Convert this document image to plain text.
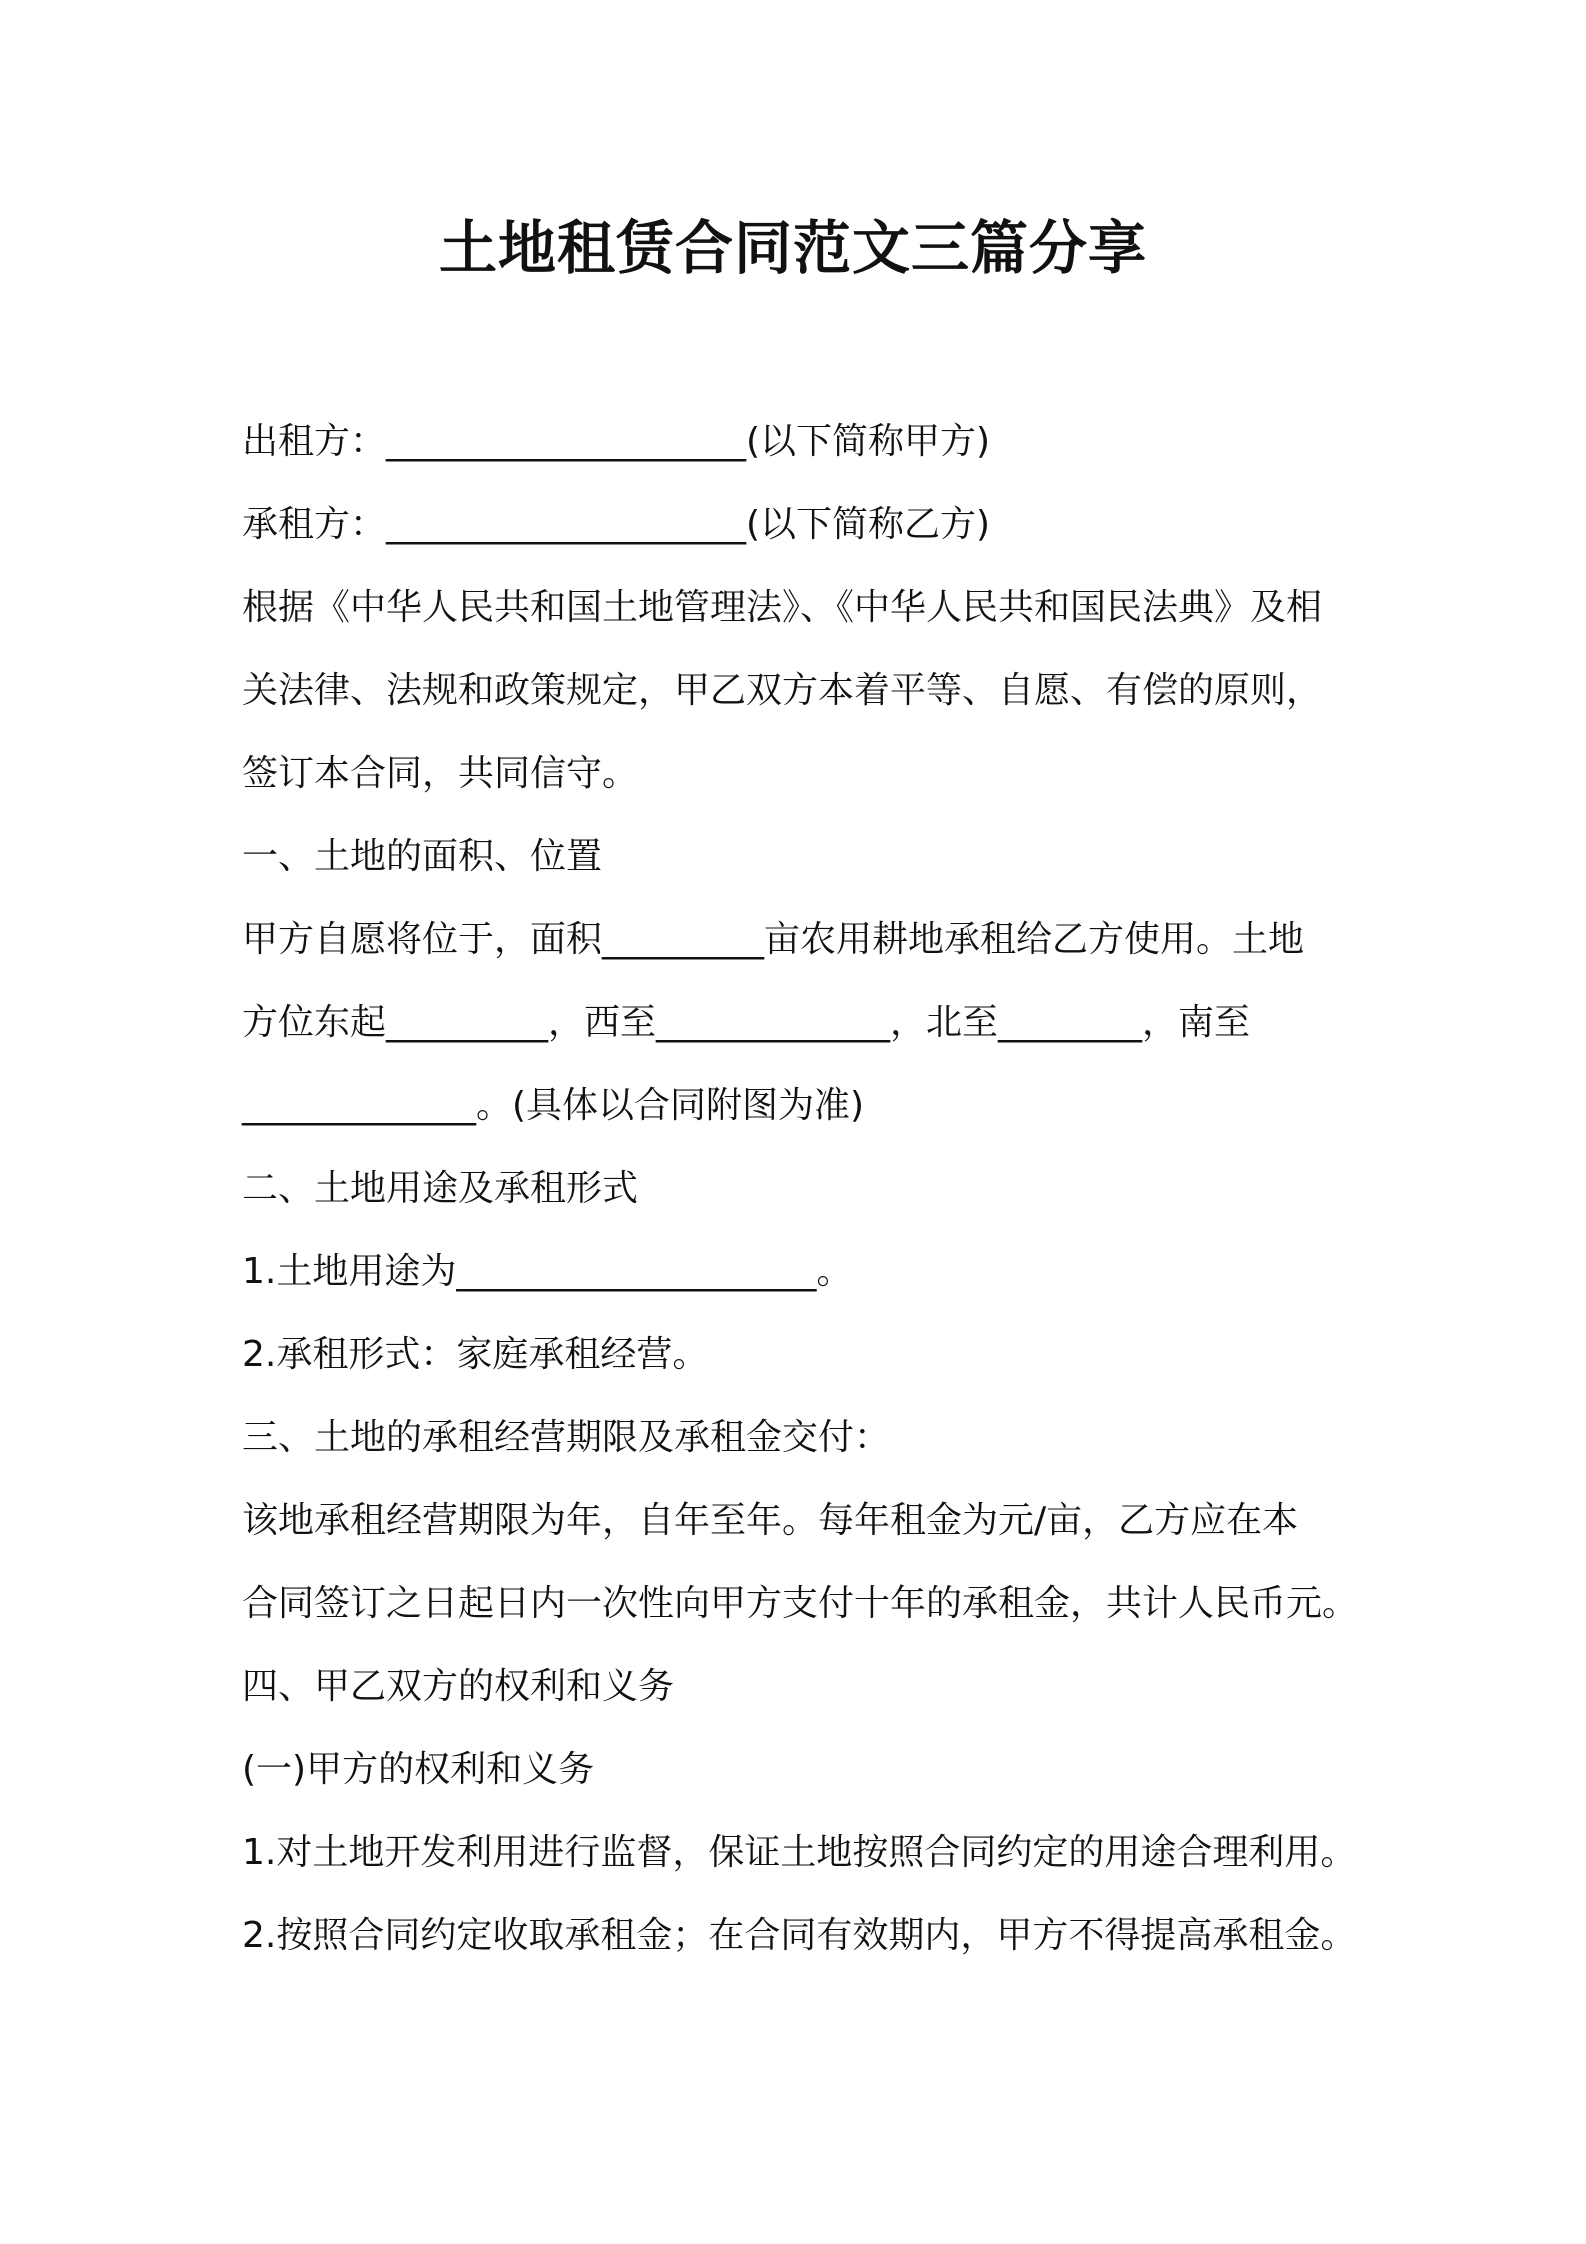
土地租赁合同范文三篇分享

出租方：____________________(以下简称甲方)

承租方：____________________(以下简称乙方)

根据《中华人民共和国土地管理法》、《中华人民共和国民法典》及相

关法律、法规和政策规定，甲乙双方本着平等、自愿、有偿的原则，

签订本合同，共同信守。

一、土地的面积、位置

甲方自愿将位于，面积_________亩农用耕地承租给乙方使用。土地

方位东起_________，西至_____________，北至________，南至

_____________。(具体以合同附图为准)

二、土地用途及承租形式

1.土地用途为____________________。

2.承租形式：家庭承租经营。

三、土地的承租经营期限及承租金交付：

该地承租经营期限为年，自年至年。每年租金为元/亩，乙方应在本

合同签订之日起日内一次性向甲方支付十年的承租金，共计人民币元。

四、甲乙双方的权利和义务

(一)甲方的权利和义务

1.对土地开发利用进行监督，保证土地按照合同约定的用途合理利用。

2.按照合同约定收取承租金；在合同有效期内，甲方不得提高承租金。
